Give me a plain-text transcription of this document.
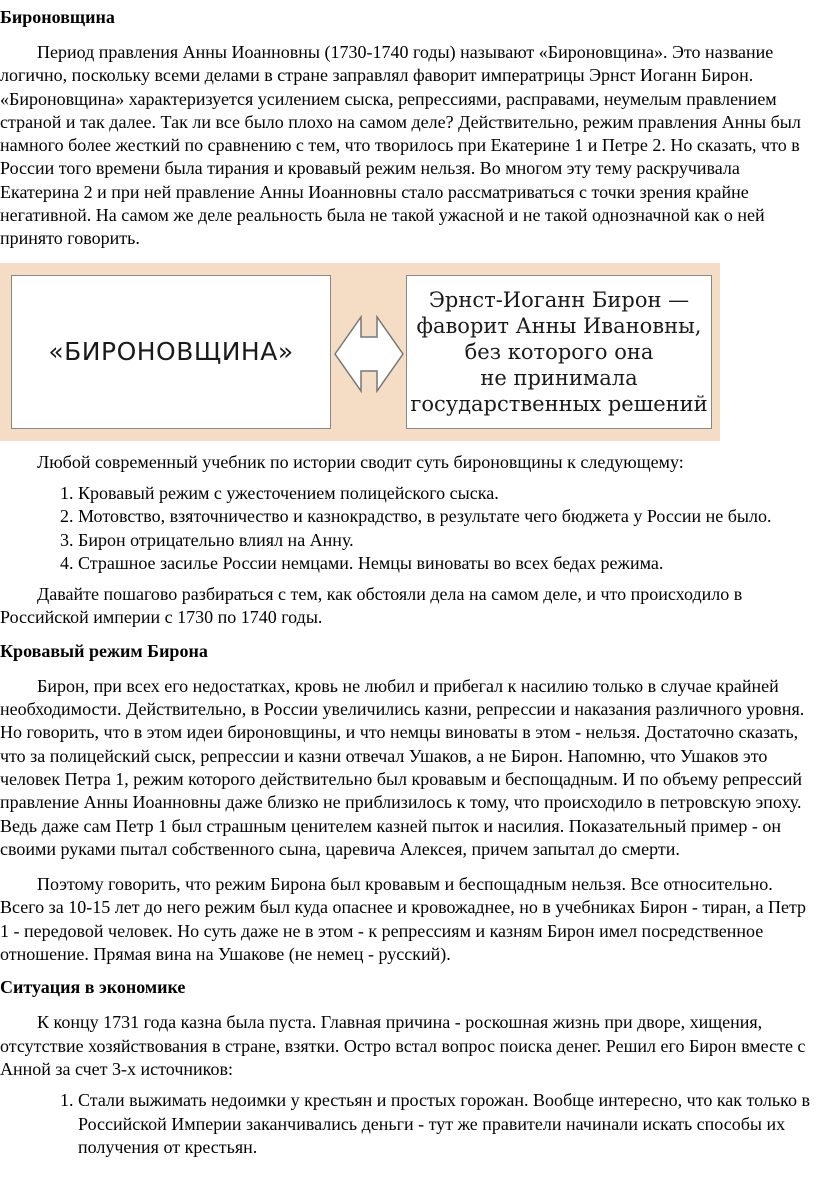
Бироновщина

Период правления Анны Иоанновны (1730-1740 годы) называют «Бироновщина». Это название логично, поскольку всеми делами в стране заправлял фаворит императрицы Эрнст Иоганн Бирон. «Бироновщина» характеризуется усилением сыска, репрессиями, расправами, неумелым правлением страной и так далее. Так ли все было плохо на самом деле? Действительно, режим правления Анны был намного более жесткий по сравнению с тем, что творилось при Екатерине 1 и Петре 2. Но сказать, что в России того времени была тирания и кровавый режим нельзя. Во многом эту тему раскручивала Екатерина 2 и при ней правление Анны Иоанновны стало рассматриваться с точки зрения крайне негативной. На самом же деле реальность была не такой ужасной и не такой однозначной как о ней принято говорить.

«БИРОНОВЩИНА»
Эрнст-Иоганн Бирон —
фаворит Анны Ивановны,
без которого она
не принимала
государственных решений

Любой современный учебник по истории сводит суть бироновщины к следующему:

1. Кровавый режим с ужесточением полицейского сыска.
2. Мотовство, взяточничество и казнокрадство, в результате чего бюджета у России не было.
3. Бирон отрицательно влиял на Анну.
4. Страшное засилье России немцами. Немцы виноваты во всех бедах режима.

Давайте пошагово разбираться с тем, как обстояли дела на самом деле, и что происходило в Российской империи с 1730 по 1740 годы.

Кровавый режим Бирона

Бирон, при всех его недостатках, кровь не любил и прибегал к насилию только в случае крайней необходимости. Действительно, в России увеличились казни, репрессии и наказания различного уровня. Но говорить, что в этом идеи бироновщины, и что немцы виноваты в этом - нельзя. Достаточно сказать, что за полицейский сыск, репрессии и казни отвечал Ушаков, а не Бирон. Напомню, что Ушаков это человек Петра 1, режим которого действительно был кровавым и беспощадным. И по объему репрессий правление Анны Иоанновны даже близко не приблизилось к тому, что происходило в петровскую эпоху. Ведь даже сам Петр 1 был страшным ценителем казней пыток и насилия. Показательный пример - он своими руками пытал собственного сына, царевича Алексея, причем запытал до смерти.

Поэтому говорить, что режим Бирона был кровавым и беспощадным нельзя. Все относительно. Всего за 10-15 лет до него режим был куда опаснее и кровожаднее, но в учебниках Бирон - тиран, а Петр 1 - передовой человек. Но суть даже не в этом - к репрессиям и казням Бирон имел посредственное отношение. Прямая вина на Ушакове (не немец - русский).

Ситуация в экономике

К концу 1731 года казна была пуста. Главная причина - роскошная жизнь при дворе, хищения, отсутствие хозяйствования в стране, взятки. Остро встал вопрос поиска денег. Решил его Бирон вместе с Анной за счет 3-х источников:

1. Стали выжимать недоимки у крестьян и простых горожан. Вообще интересно, что как только в Российской Империи заканчивались деньги - тут же правители начинали искать способы их получения от крестьян.
